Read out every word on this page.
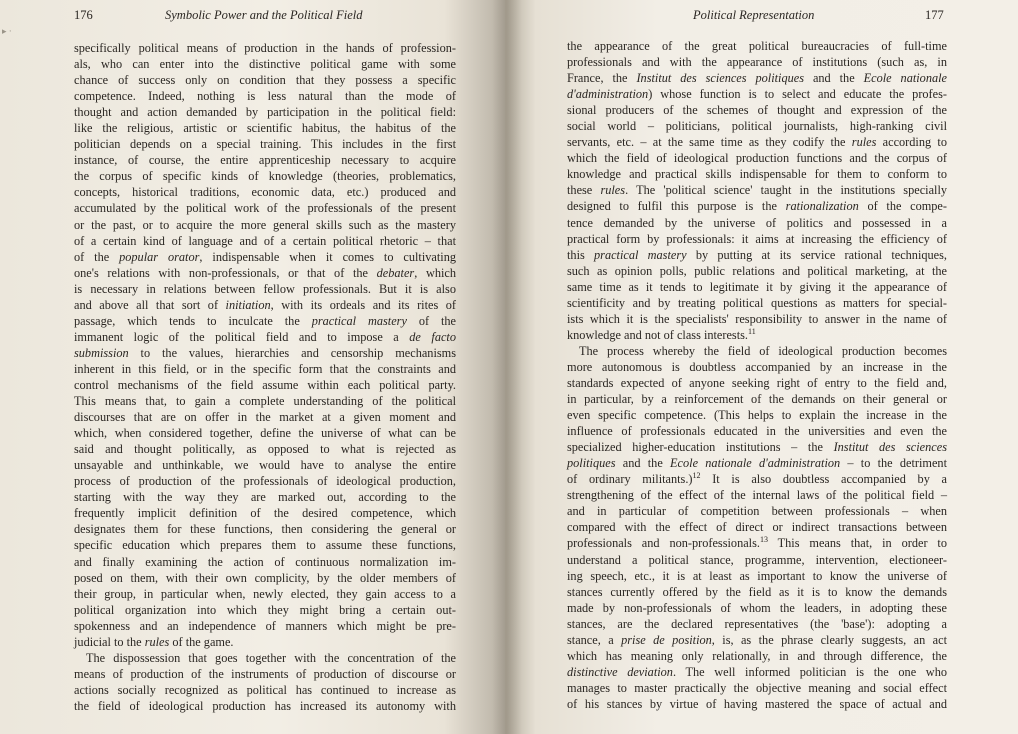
▸ ·
176	Symbolic Power and the Political Field
specifically political means of production in the hands of profession-
als, who can enter into the distinctive political game with some
chance of success only on condition that they possess a specific
competence. Indeed, nothing is less natural than the mode of
thought and action demanded by participation in the political field:
like the religious, artistic or scientific habitus, the habitus of the
politician depends on a special training. This includes in the first
instance, of course, the entire apprenticeship necessary to acquire
the corpus of specific kinds of knowledge (theories, problematics,
concepts, historical traditions, economic data, etc.) produced and
accumulated by the political work of the professionals of the present
or the past, or to acquire the more general skills such as the mastery
of a certain kind of language and of a certain political rhetoric – that
of the popular orator, indispensable when it comes to cultivating
one's relations with non-professionals, or that of the debater, which
is necessary in relations between fellow professionals. But it is also
and above all that sort of initiation, with its ordeals and its rites of
passage, which tends to inculcate the practical mastery of the
immanent logic of the political field and to impose a de facto
submission to the values, hierarchies and censorship mechanisms
inherent in this field, or in the specific form that the constraints and
control mechanisms of the field assume within each political party.
This means that, to gain a complete understanding of the political
discourses that are on offer in the market at a given moment and
which, when considered together, define the universe of what can be
said and thought politically, as opposed to what is rejected as
unsayable and unthinkable, we would have to analyse the entire
process of production of the professionals of ideological production,
starting with the way they are marked out, according to the
frequently implicit definition of the desired competence, which
designates them for these functions, then considering the general or
specific education which prepares them to assume these functions,
and finally examining the action of continuous normalization im-
posed on them, with their own complicity, by the older members of
their group, in particular when, newly elected, they gain access to a
political organization into which they might bring a certain out-
spokenness and an independence of manners which might be pre-
judicial to the rules of the game.
The dispossession that goes together with the concentration of the
means of production of the instruments of production of discourse or
actions socially recognized as political has continued to increase as
the field of ideological production has increased its autonomy with
Political Representation	177
the appearance of the great political bureaucracies of full-time
professionals and with the appearance of institutions (such as, in
France, the Institut des sciences politiques and the Ecole nationale
d'administration) whose function is to select and educate the profes-
sional producers of the schemes of thought and expression of the
social world – politicians, political journalists, high-ranking civil
servants, etc. – at the same time as they codify the rules according to
which the field of ideological production functions and the corpus of
knowledge and practical skills indispensable for them to conform to
these rules. The 'political science' taught in the institutions specially
designed to fulfil this purpose is the rationalization of the compe-
tence demanded by the universe of politics and possessed in a
practical form by professionals: it aims at increasing the efficiency of
this practical mastery by putting at its service rational techniques,
such as opinion polls, public relations and political marketing, at the
same time as it tends to legitimate it by giving it the appearance of
scientificity and by treating political questions as matters for special-
ists which it is the specialists' responsibility to answer in the name of
knowledge and not of class interests.$^{11}$
The process whereby the field of ideological production becomes
more autonomous is doubtless accompanied by an increase in the
standards expected of anyone seeking right of entry to the field and,
in particular, by a reinforcement of the demands on their general or
even specific competence. (This helps to explain the increase in the
influence of professionals educated in the universities and even the
specialized higher-education institutions – the Institut des sciences
politiques and the Ecole nationale d'administration – to the detriment
of ordinary militants.)$^{12}$ It is also doubtless accompanied by a
strengthening of the effect of the internal laws of the political field –
and in particular of competition between professionals – when
compared with the effect of direct or indirect transactions between
professionals and non-professionals.$^{13}$ This means that, in order to
understand a political stance, programme, intervention, electioneer-
ing speech, etc., it is at least as important to know the universe of
stances currently offered by the field as it is to know the demands
made by non-professionals of whom the leaders, in adopting these
stances, are the declared representatives (the 'base'): adopting a
stance, a prise de position, is, as the phrase clearly suggests, an act
which has meaning only relationally, in and through difference, the
distinctive deviation. The well informed politician is the one who
manages to master practically the objective meaning and social effect
of his stances by virtue of having mastered the space of actual and
